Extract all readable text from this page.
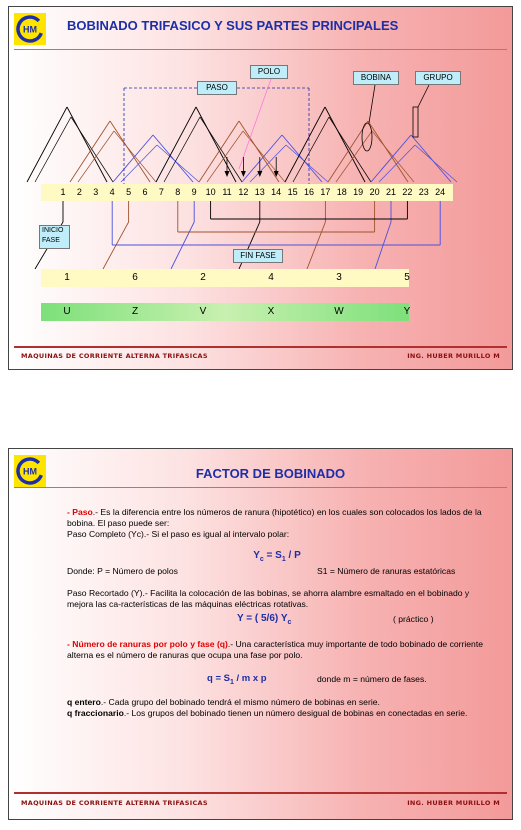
HM BOBINADO TRIFASICO Y SUS PARTES PRINCIPALES
POLO
PASO
BOBINA	GRUPO
INICIO FASE
FIN FASE
1	2	3	4	5	6	7	8	9 10 11 12 13 14 15 16 17 18 19 20 21 22 23 24
1	6	2	4	3	5
U	Z	V	X	W	Y
MAQUINAS DE CORRIENTE ALTERNA TRIFASICAS	ING. HUBER MURILLO M
HM	FACTOR DE BOBINADO

- Paso.- Es la diferencia entre los números de ranura (hipotético) en los cuales son colocados los lados de la bobina. El paso puede ser:

Paso Completo (Yc).- Si el paso es igual al intervalo polar:

$Y_c = S_1 / P$

Donde: P = Número de polos	S1 = Número de ranuras estatóricas

Paso Recortado (Y).- Facilita la colocación de las bobinas, se ahorra alambre esmaltado en el bobinado y mejora las ca-racterísticas de las máquinas eléctricas rotativas.

Y = ( 5/6) $Y_c$	( práctico )

- Número de ranuras por polo y fase (q).- Una característica muy importante de todo bobinado de corriente alterna es el número de ranuras que ocupa una fase por polo.

$q = S_1 / m$ x p	donde m = número de fases.

q entero.- Cada grupo del bobinado tendrá el mismo número de bobinas en serie.

q fraccionario.- Los grupos del bobinado tienen un número desigual de bobinas en conectadas en serie.

MAQUINAS DE CORRIENTE ALTERNA TRIFASICAS	ING. HUBER MURILLO M
